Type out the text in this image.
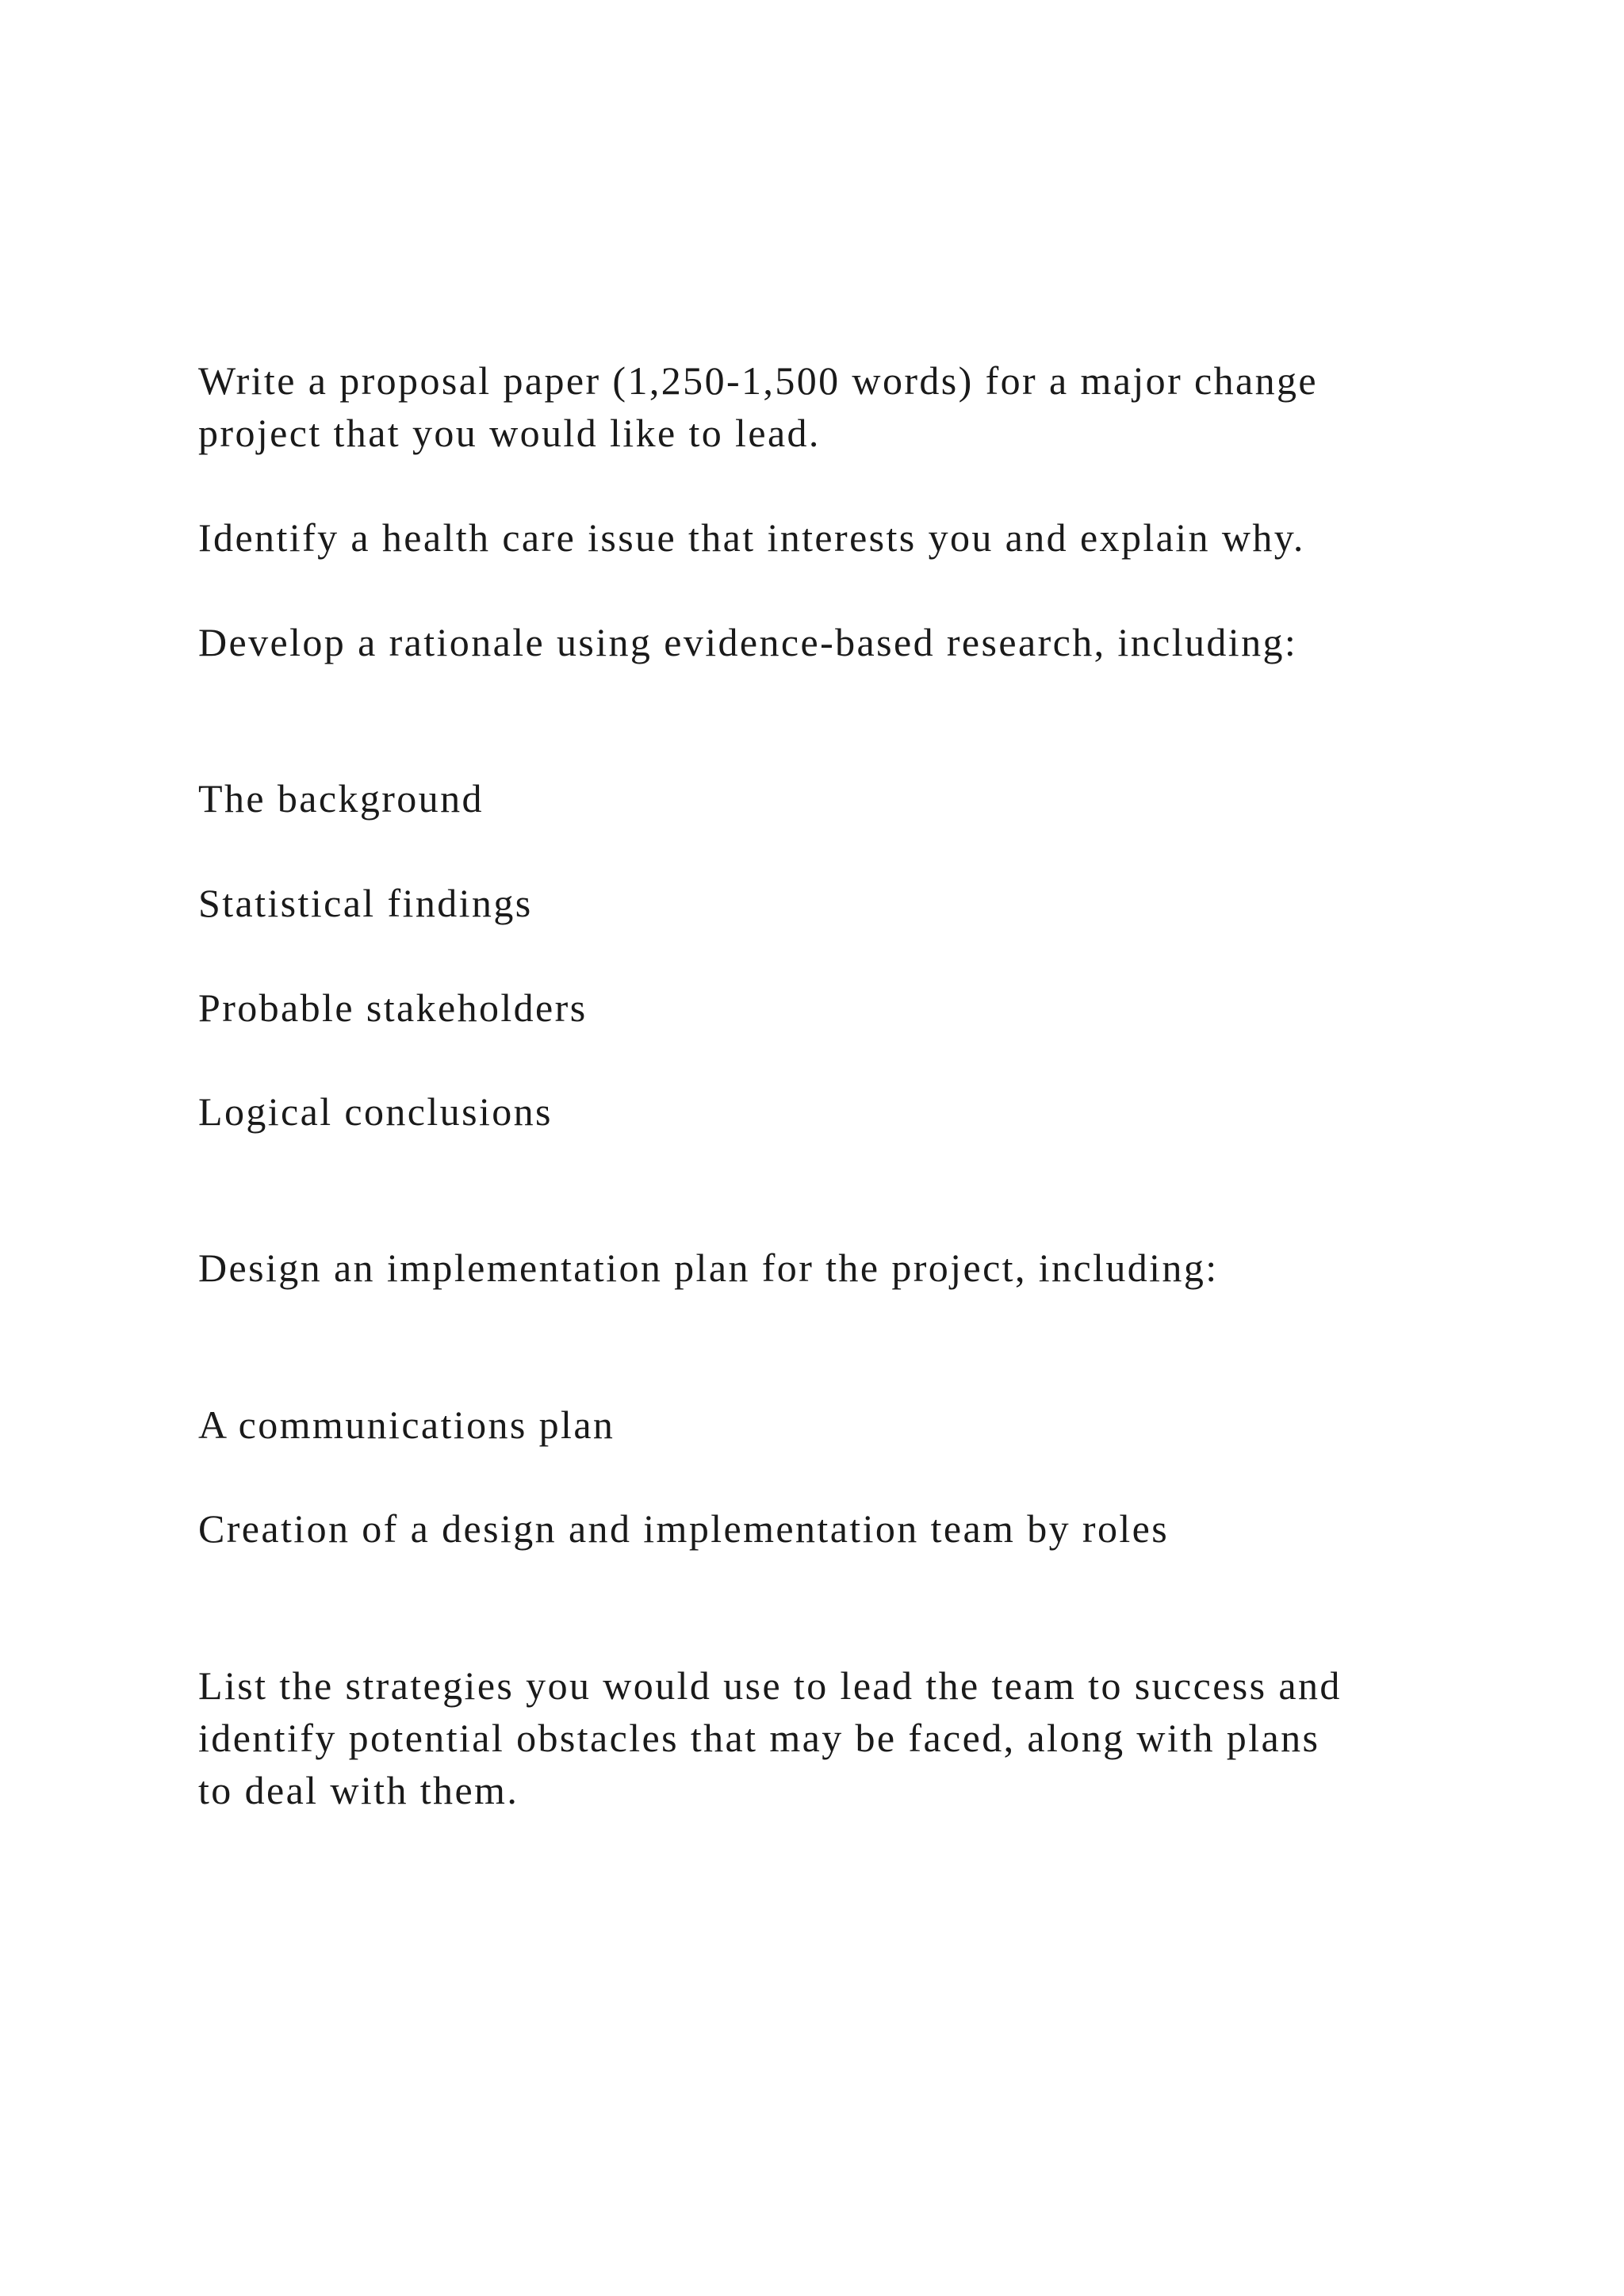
Write a proposal paper (1,250-1,500 words) for a major change
project that you would like to lead.

Identify a health care issue that interests you and explain why.

Develop a rationale using evidence-based research, including:

The background

Statistical findings

Probable stakeholders

Logical conclusions

Design an implementation plan for the project, including:

A communications plan

Creation of a design and implementation team by roles

List the strategies you would use to lead the team to success and
identify potential obstacles that may be faced, along with plans
to deal with them.
